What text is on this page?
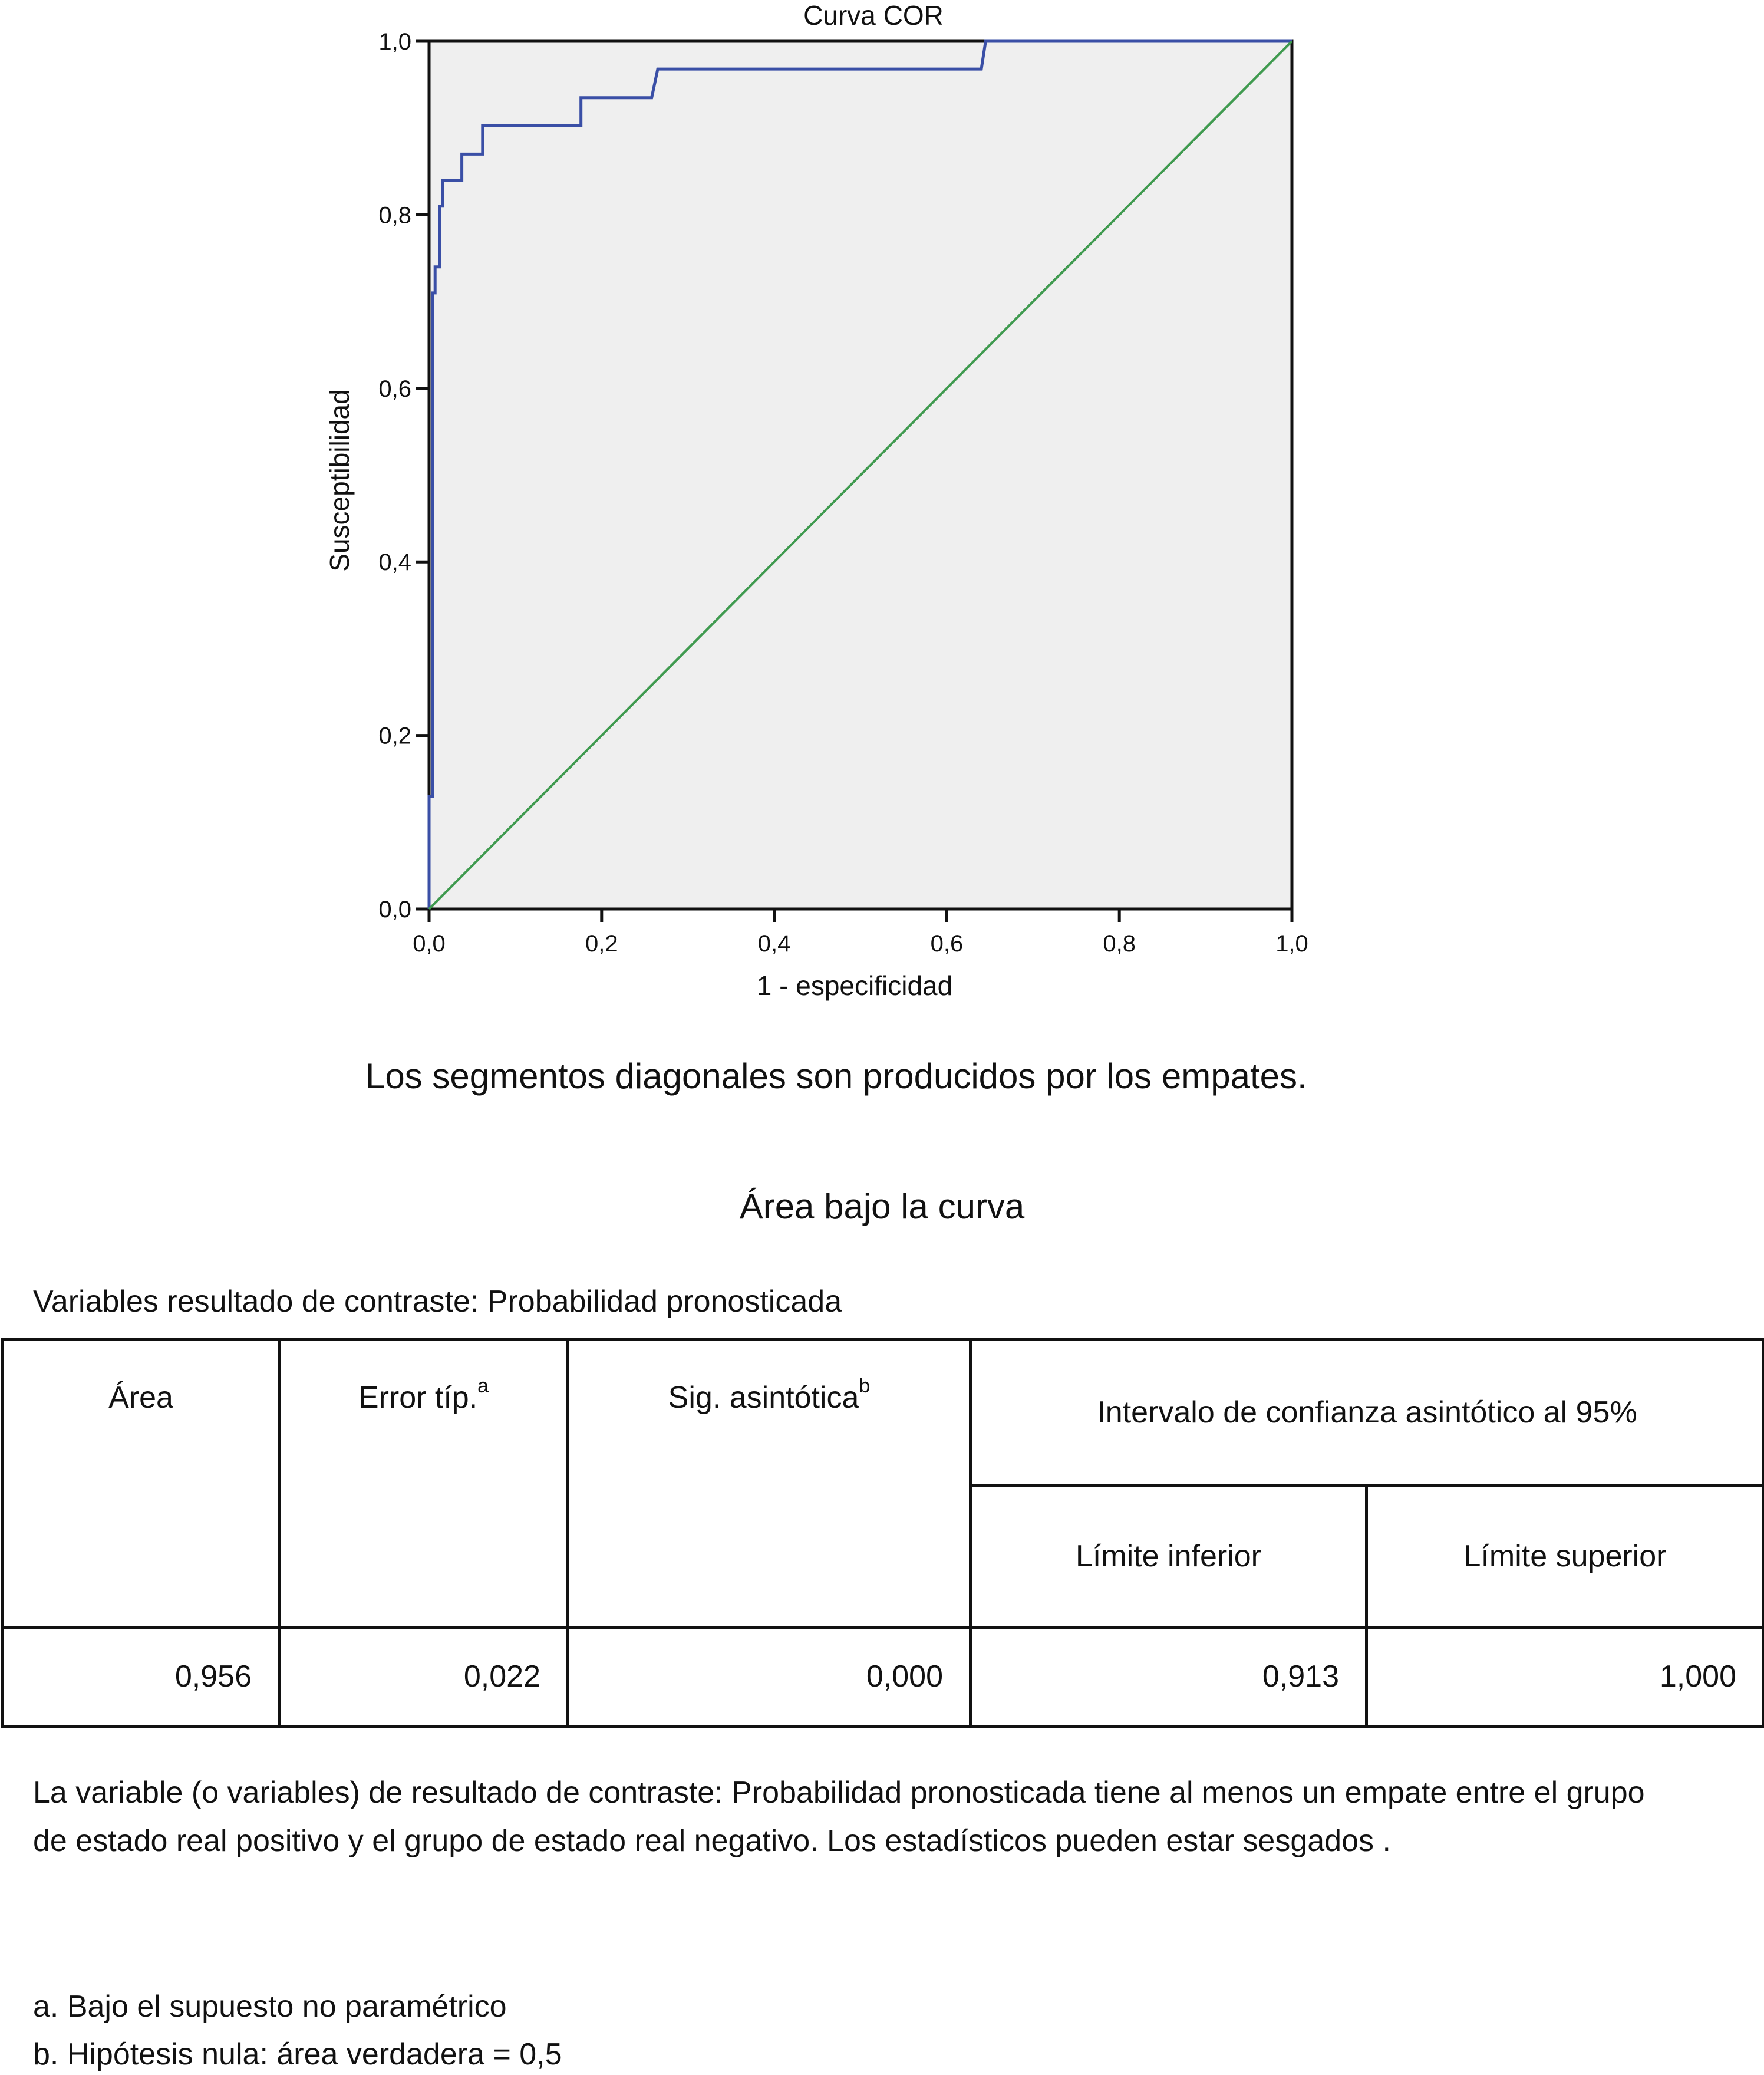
0,0	0,2	0,4	0,6	0,8	1,0
0,0
0,2
0,4
0,6
0,8
1,0
Curva COR
1 - especificidad
Susceptibilidad
Los segmentos diagonales son producidos por los empates.
Área bajo la curva
Variables resultado de contraste: Probabilidad pronosticada
Área	Error típ.$^a$	Sig. asintótica$^b$	Intervalo de confianza asintótico al 95%	
			Límite inferior	Límite superior
0,956	0,022	0,000	0,913	1,000
La variable (o variables) de resultado de contraste: Probabilidad pronosticada tiene al menos un empate entre el grupo de estado real positivo y el grupo de estado real negativo. Los estadísticos pueden estar sesgados .
a. Bajo el supuesto no paramétrico
b. Hipótesis nula: área verdadera = 0,5
